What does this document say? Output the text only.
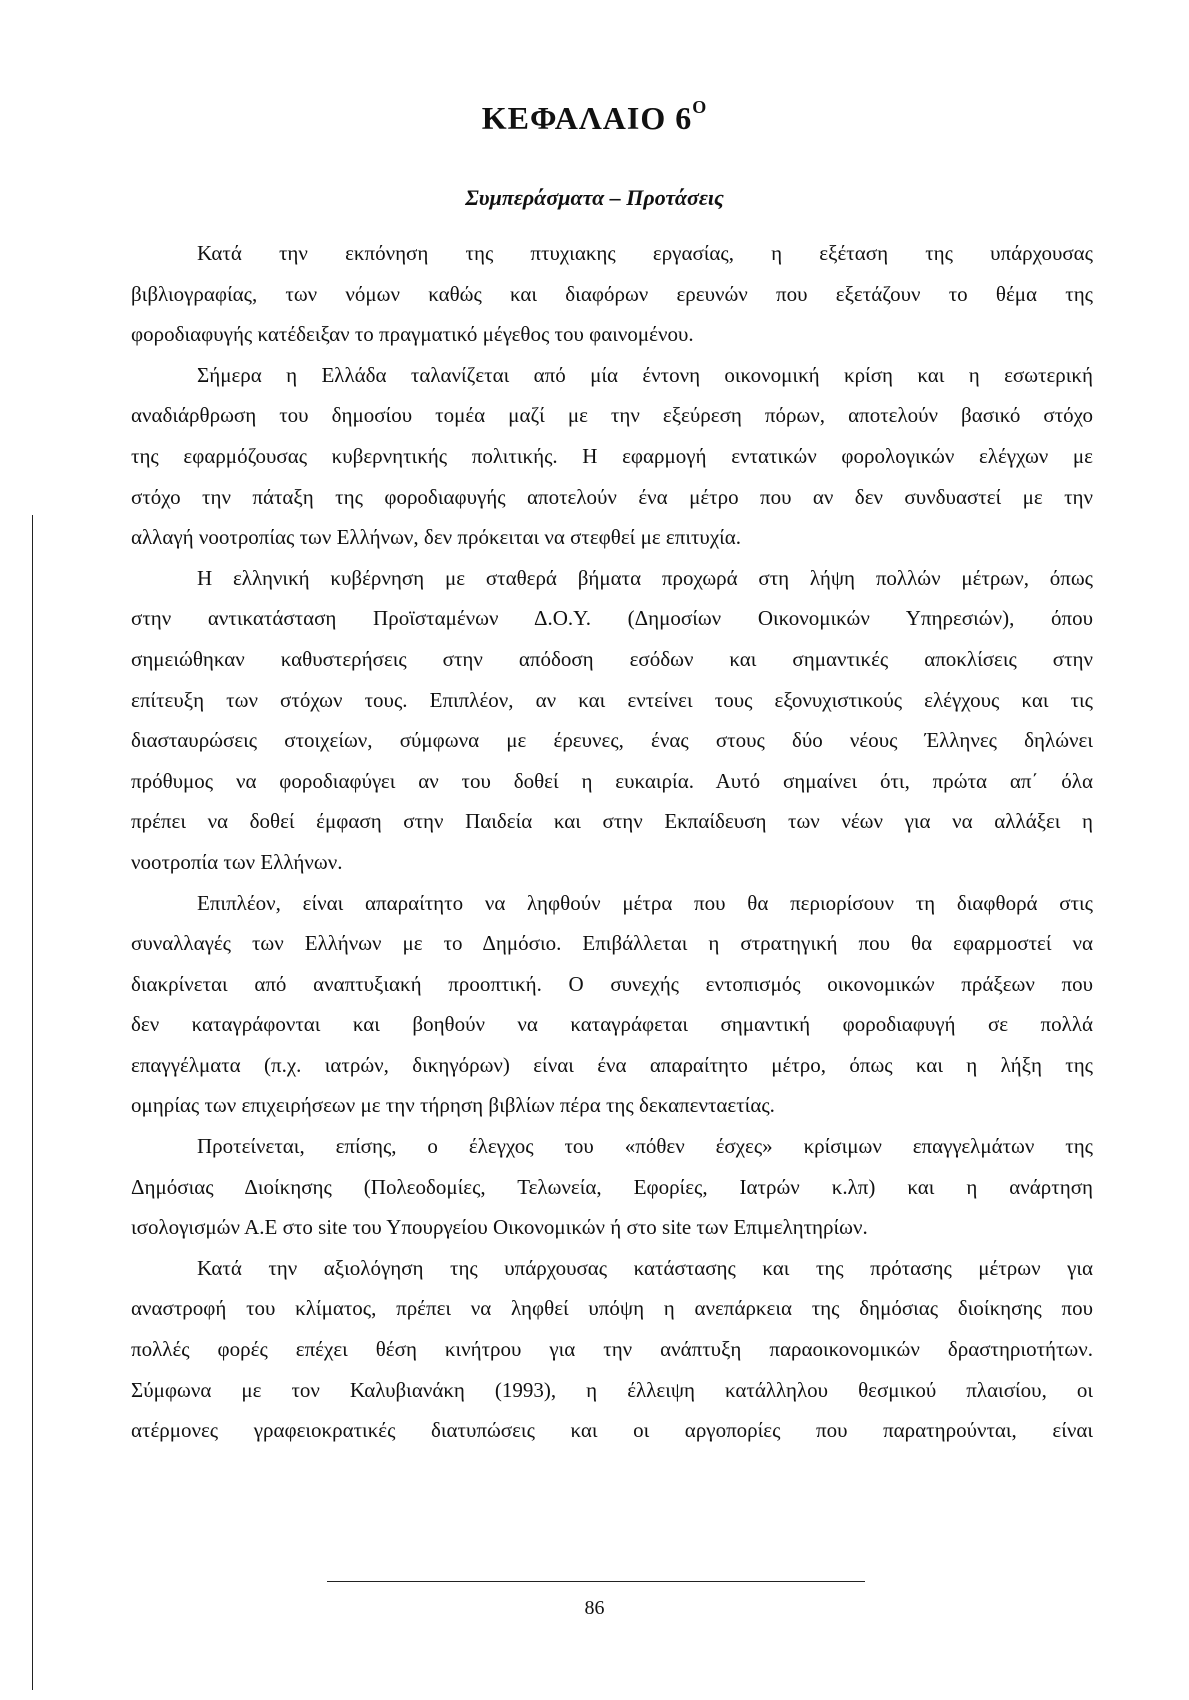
ΚΕΦΑΛΑΙΟ $6^O$
Συμπεράσματα – Προτάσεις
Κατά την εκπόνηση της πτυχιακης εργασίας, η εξέταση της υπάρχουσας
βιβλιογραφίας, των νόμων καθώς και διαφόρων ερευνών που εξετάζουν το θέμα της
φοροδιαφυγής κατέδειξαν το πραγματικό μέγεθος του φαινομένου.
Σήμερα η Ελλάδα ταλανίζεται από μία έντονη οικονομική κρίση και η εσωτερική
αναδιάρθρωση του δημοσίου τομέα μαζί με την εξεύρεση πόρων, αποτελούν βασικό στόχο
της εφαρμόζουσας κυβερνητικής πολιτικής. Η εφαρμογή εντατικών φορολογικών ελέγχων με
στόχο την πάταξη της φοροδιαφυγής αποτελούν ένα μέτρο που αν δεν συνδυαστεί με την
αλλαγή νοοτροπίας των Ελλήνων, δεν πρόκειται να στεφθεί με επιτυχία.
Η ελληνική κυβέρνηση με σταθερά βήματα προχωρά στη λήψη πολλών μέτρων, όπως
στην αντικατάσταση Προϊσταμένων Δ.Ο.Υ. (Δημοσίων Οικονομικών Υπηρεσιών), όπου
σημειώθηκαν καθυστερήσεις στην απόδοση εσόδων και σημαντικές αποκλίσεις στην
επίτευξη των στόχων τους. Επιπλέον, αν και εντείνει τους εξονυχιστικούς ελέγχους και τις
διασταυρώσεις στοιχείων, σύμφωνα με έρευνες, ένας στους δύο νέους Έλληνες δηλώνει
πρόθυμος να φοροδιαφύγει αν του δοθεί η ευκαιρία. Αυτό σημαίνει ότι, πρώτα απ΄ όλα
πρέπει να δοθεί έμφαση στην Παιδεία και στην Εκπαίδευση των νέων για να αλλάξει η
νοοτροπία των Ελλήνων.
Επιπλέον, είναι απαραίτητο να ληφθούν μέτρα που θα περιορίσουν τη διαφθορά στις
συναλλαγές των Ελλήνων με το Δημόσιο. Επιβάλλεται η στρατηγική που θα εφαρμοστεί να
διακρίνεται από αναπτυξιακή προοπτική. Ο συνεχής εντοπισμός οικονομικών πράξεων που
δεν καταγράφονται και βοηθούν να καταγράφεται σημαντική φοροδιαφυγή σε πολλά
επαγγέλματα (π.χ. ιατρών, δικηγόρων) είναι ένα απαραίτητο μέτρο, όπως και η λήξη της
ομηρίας των επιχειρήσεων με την τήρηση βιβλίων πέρα της δεκαπενταετίας.
Προτείνεται, επίσης, ο έλεγχος του «πόθεν έσχες» κρίσιμων επαγγελμάτων της
Δημόσιας Διοίκησης (Πολεοδομίες, Τελωνεία, Εφορίες, Ιατρών κ.λπ) και η ανάρτηση
ισολογισμών Α.Ε στο site του Υπουργείου Οικονομικών ή στο site των Επιμελητηρίων.
Κατά την αξιολόγηση της υπάρχουσας κατάστασης και της πρότασης μέτρων για
αναστροφή του κλίματος, πρέπει να ληφθεί υπόψη η ανεπάρκεια της δημόσιας διοίκησης που
πολλές φορές επέχει θέση κινήτρου για την ανάπτυξη παραοικονομικών δραστηριοτήτων.
Σύμφωνα με τον Καλυβιανάκη (1993), η έλλειψη κατάλληλου θεσμικού πλαισίου, οι
ατέρμονες γραφειοκρατικές διατυπώσεις και οι αργοπορίες που παρατηρούνται, είναι
86
